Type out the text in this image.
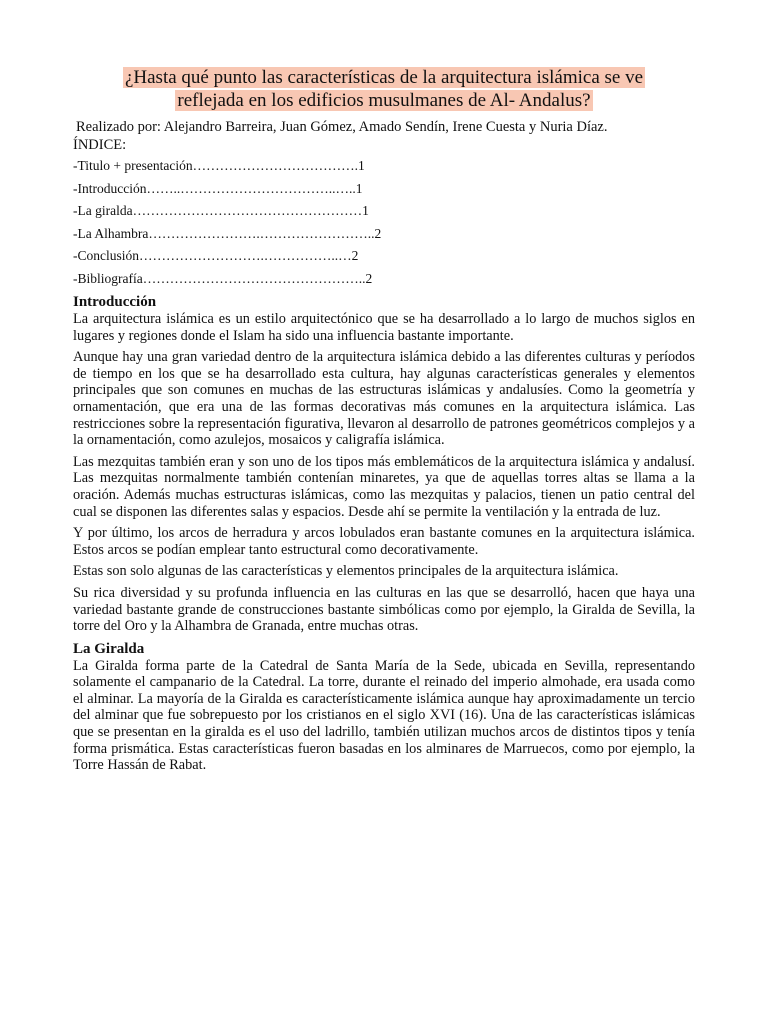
¿Hasta qué punto las características de la arquitectura islámica se ve
reflejada en los edificios musulmanes de Al- Andalus?
Realizado por: Alejandro Barreira, Juan Gómez, Amado Sendín, Irene Cuesta y Nuria Díaz.
ÍNDICE:
-Titulo + presentación……………………………….1
-Introducción……..……………………………..…..1
-La giralda……………………………………………1
-La Alhambra…………………….……………………..2
-Conclusión……………………….……………..…2
-Bibliografía…………………………………………..2
Introducción

La arquitectura islámica es un estilo arquitectónico que se ha desarrollado a lo largo de muchos siglos en lugares y regiones donde el Islam ha sido una influencia bastante importante.

Aunque hay una gran variedad dentro de la arquitectura islámica debido a las diferentes culturas y períodos de tiempo en los que se ha desarrollado esta cultura, hay algunas características generales y elementos principales que son comunes en muchas de las estructuras islámicas y andalusíes. Como la geometría y ornamentación, que era una de las formas decorativas más comunes en la arquitectura islámica. Las restricciones sobre la representación figurativa, llevaron al desarrollo de patrones geométricos complejos y a la ornamentación, como azulejos, mosaicos y caligrafía islámica.

Las mezquitas también eran y son uno de los tipos más emblemáticos de la arquitectura islámica y andalusí. Las mezquitas normalmente también contenían minaretes, ya que de aquellas torres altas se llama a la oración. Además muchas estructuras islámicas, como las mezquitas y palacios, tienen un patio central del cual se disponen las diferentes salas y espacios. Desde ahí se permite la ventilación y la entrada de luz.

Y por último, los arcos de herradura y arcos lobulados eran bastante comunes en la arquitectura islámica. Estos arcos se podían emplear tanto estructural como decorativamente.

Estas son solo algunas de las características y elementos principales de la arquitectura islámica.

Su rica diversidad y su profunda influencia en las culturas en las que se desarrolló, hacen que haya una variedad bastante grande de construcciones bastante simbólicas como por ejemplo, la Giralda de Sevilla, la torre del Oro y la Alhambra de Granada, entre muchas otras.

La Giralda

La Giralda forma parte de la Catedral de Santa María de la Sede, ubicada en Sevilla, representando solamente el campanario de la Catedral. La torre, durante el reinado del imperio almohade, era usada como el alminar. La mayoría de la Giralda es característicamente islámica aunque hay aproximadamente un tercio del alminar que fue sobrepuesto por los cristianos en el siglo XVI (16). Una de las características islámicas que se presentan en la giralda es el uso del ladrillo, también utilizan muchos arcos de distintos tipos y tenía forma prismática. Estas características fueron basadas en los alminares de Marruecos, como por ejemplo, la Torre Hassán de Rabat.
